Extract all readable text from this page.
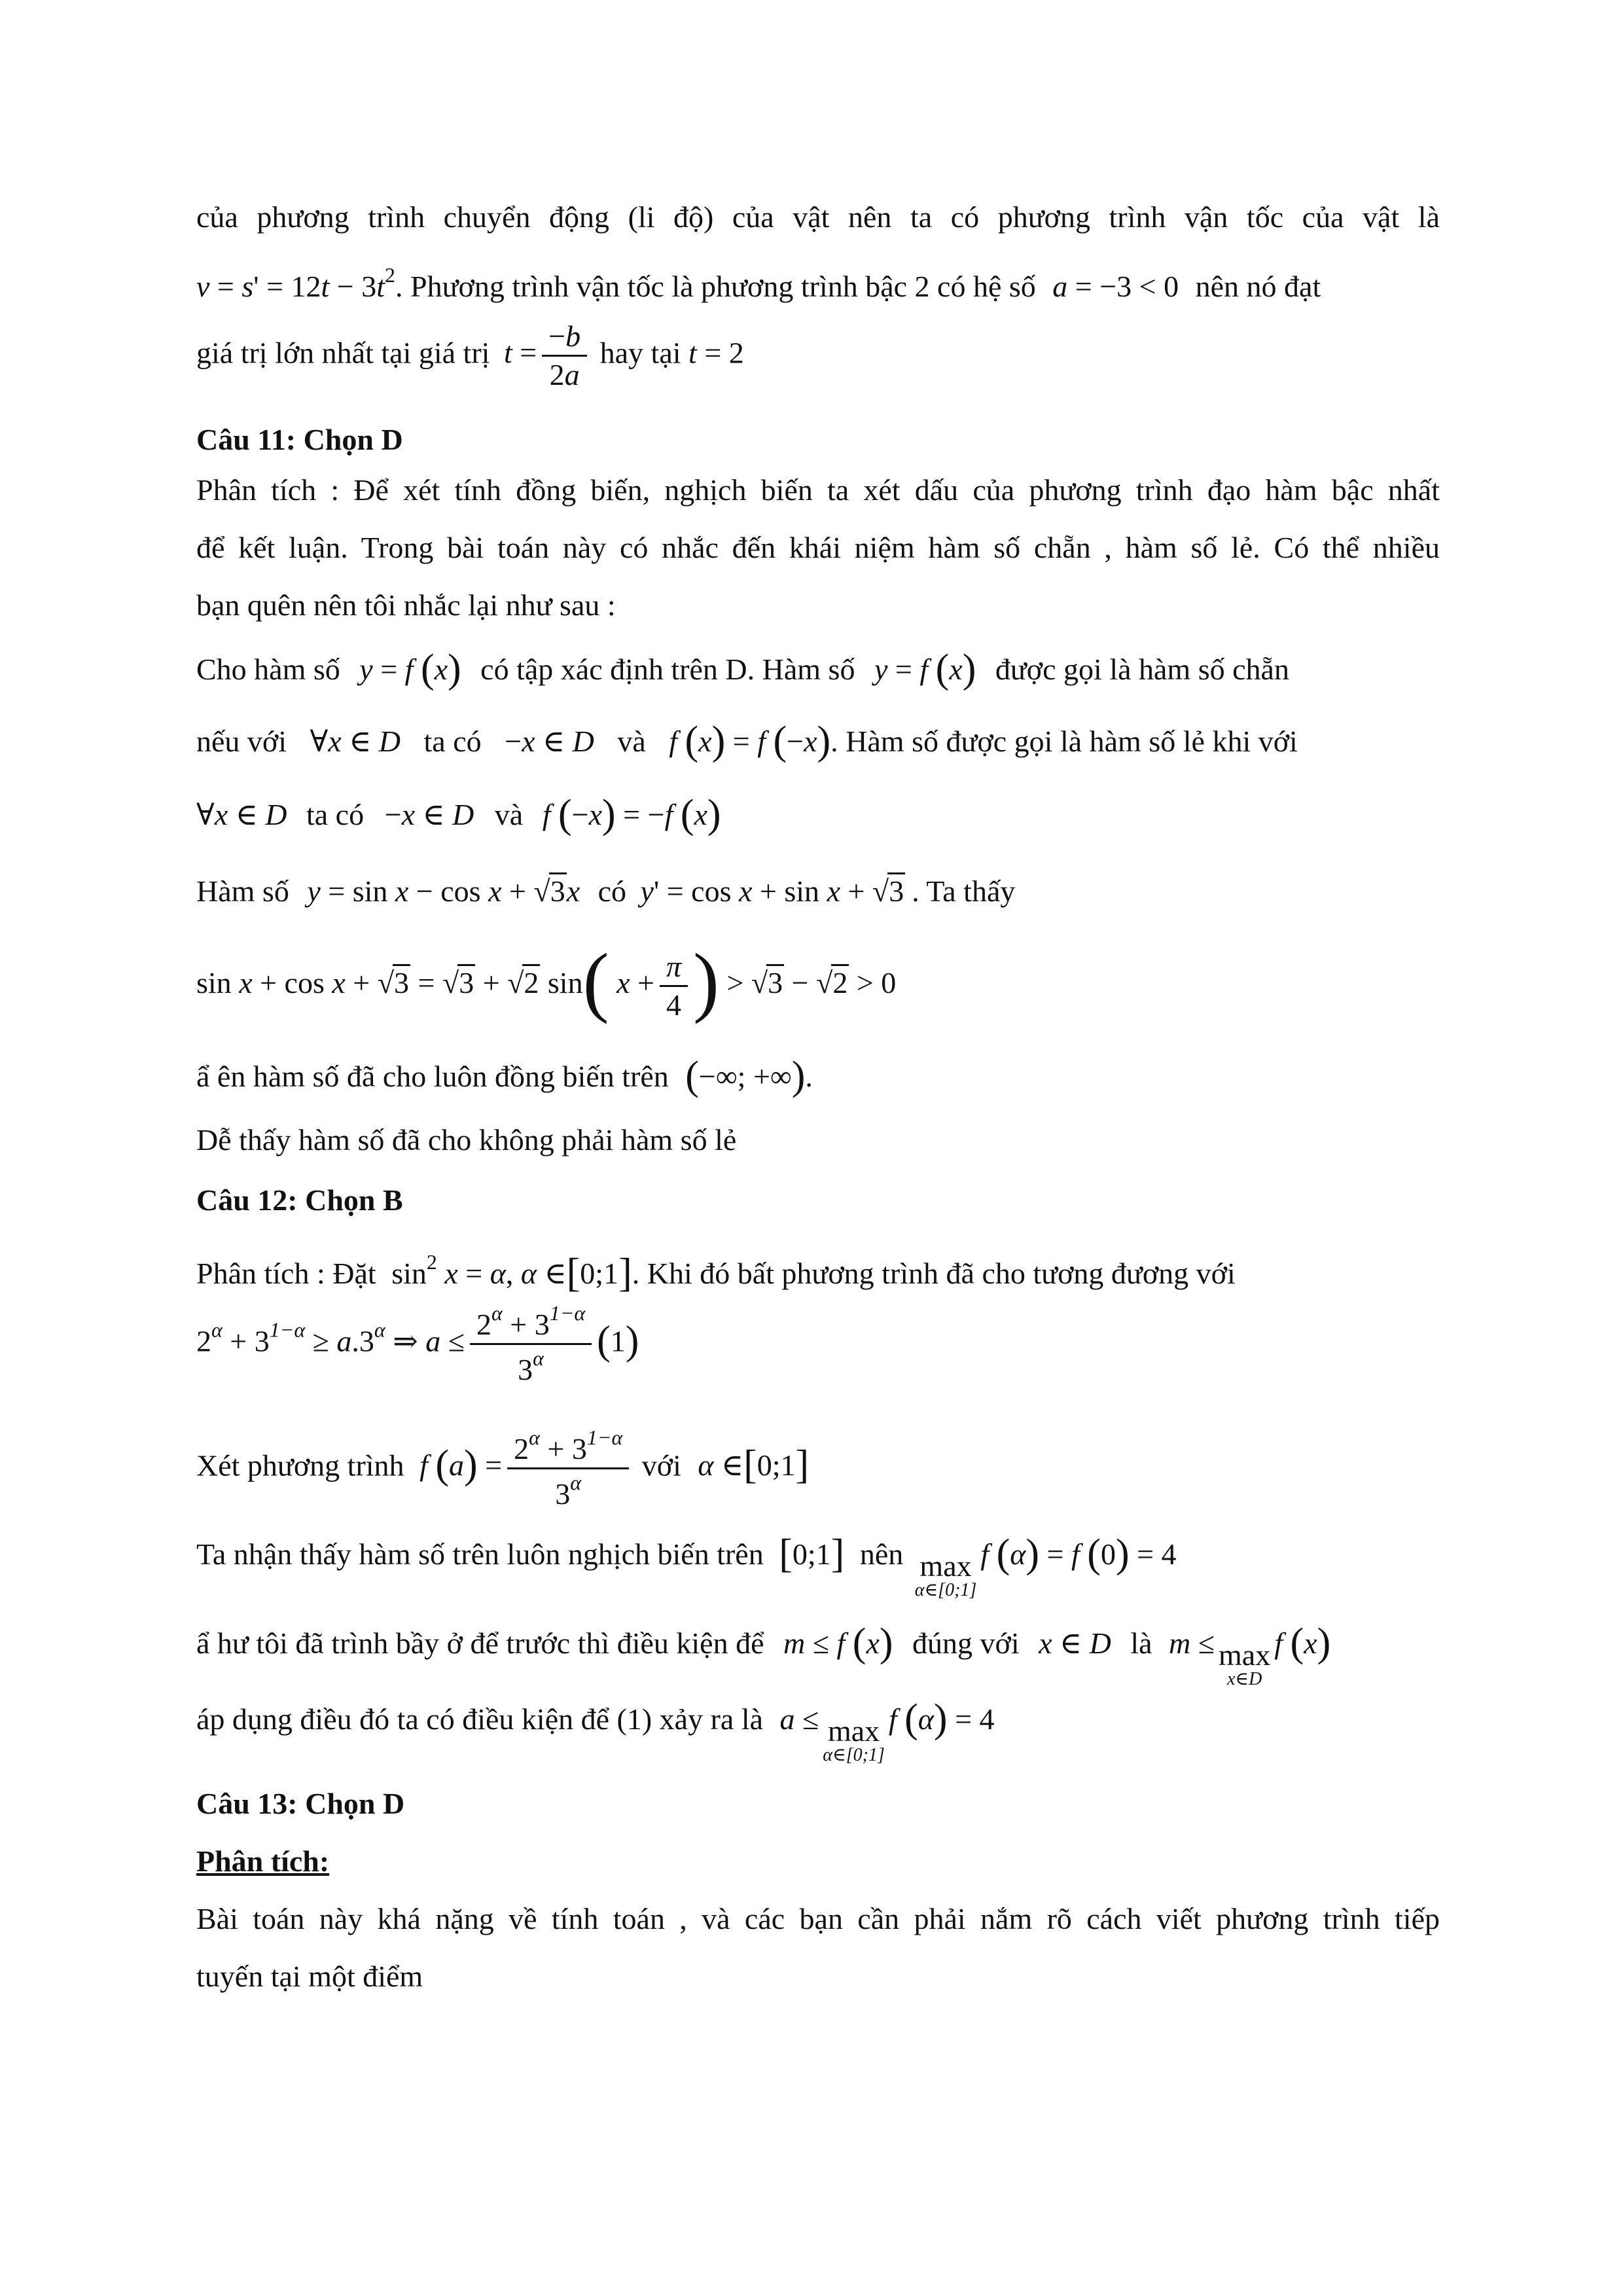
của phương trình chuyển động (li độ) của vật nên ta có phương trình vận tốc của vật là
$v = s' = 12t - 3t^2$. Phương trình vận tốc là phương trình bậc 2 có hệ số a = −3 < 0 nên nó đạt
giá trị lớn nhất tại giá trị $t = \frac{-b}{2a}$ hay tại t = 2
Câu 11: Chọn D
Phân tích : Để xét tính đồng biến, nghịch biến ta xét dấu của phương trình đạo hàm bậc nhất
để kết luận. Trong bài toán này có nhắc đến khái niệm hàm số chẵn , hàm số lẻ. Có thể nhiều
bạn quên nên tôi nhắc lại như sau :
Cho hàm số y = f (x) có tập xác định trên D. Hàm số y = f (x) được gọi là hàm số chẵn
nếu với ∀x ∈ D ta có −x ∈ D và f (x) = f (−x). Hàm số được gọi là hàm số lẻ khi với
∀x ∈ D ta có −x ∈ D và f (−x) = −f (x)
Hàm số y = sin x − cos x + √3x có y' = cos x + sin x + √3 . Ta thấy
sin x + cos x + √3 = √3 + √2 sin( $x + \frac{\pi}{4}$ ) > √3 − √2 > 0
ẩ ên hàm số đã cho luôn đồng biến trên (−∞; +∞).
Dễ thấy hàm số đã cho không phải hàm số lẻ
Câu 12: Chọn B
Phân tích : Đặt $\sin^2 x = \alpha$, α ∈[0;1]. Khi đó bất phương trình đã cho tương đương với
$2^\alpha + 3^{1-\alpha} \ge a.3^\alpha$ ⇒ $a \le \frac{2^\alpha + 3^{1-\alpha}}{3^\alpha} (1)$
Xét phương trình f $(a) = \frac{2^\alpha + 3^{1-\alpha}}{3^\alpha}$ với α ∈[0;1]
Ta nhận thấy hàm số trên luôn nghịch biến trên [0;1] nên max
α∈[0;1]
f (α) = f (0) = 4
ẩ hư tôi đã trình bầy ở để trước thì điều kiện để m ≤ f (x) đúng với x ∈ D là m ≤ max
x∈D
f (x)
áp dụng điều đó ta có điều kiện để (1) xảy ra là a ≤ max
α∈[0;1]
f (α) = 4
Câu 13: Chọn D
Phân tích:
Bài toán này khá nặng về tính toán , và các bạn cần phải nắm rõ cách viết phương trình tiếp
tuyến tại một điểm
